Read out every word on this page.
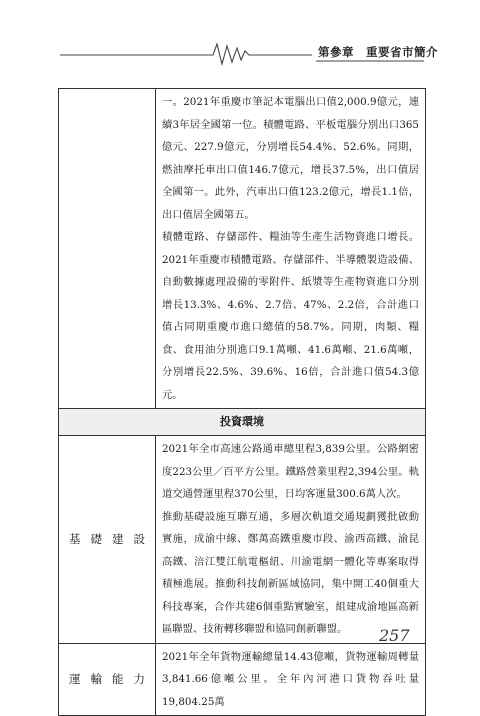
第參章　重要省市簡介

一。2021年重慶市筆記本電腦出口值2,000.9億元，連續3年居全國第一位。積體電路、平板電腦分別出口365億元、227.9億元，分別增長54.4%、52.6%。同期，燃油摩托車出口值146.7億元，增長37.5%，出口值居全國第一。此外，汽車出口值123.2億元，增長1.1倍，出口值居全國第五。

積體電路、存儲部件、糧油等生產生活物資進口增長。2021年重慶市積體電路、存儲部件、半導體製造設備、自動數據處理設備的零附件、紙漿等生產物資進口分別增長13.3%、4.6%、2.7倍、47%、2.2倍，合計進口值占同期重慶市進口總值的58.7%。同期，肉類、糧食、食用油分別進口9.1萬噸、41.6萬噸、21.6萬噸，分別增長22.5%、39.6%、16倍，合計進口值54.3億元。

投資環境
基礎建設

2021年全市高速公路通車總里程3,839公里。公路網密度223公里／百平方公里。鐵路營業里程2,394公里。軌道交通營運里程370公里，日均客運量300.6萬人次。

推動基礎設施互聯互通，多層次軌道交通規劃獲批啟動實施，成渝中線、鄭萬高鐵重慶市段、渝西高鐵、渝昆高鐵、涪江雙江航電樞紐、川渝電網一體化等專案取得積極進展。推動科技創新區域協同，集中開工40個重大科技專案，合作共建6個重點實驗室，組建成渝地區高新區聯盟、技術轉移聯盟和協同創新聯盟。

運輸能力

2021年全年貨物運輸總量14.43億噸，貨物運輸周轉量3,841.66億噸公里。全年內河港口貨物吞吐量19,804.25萬

257
